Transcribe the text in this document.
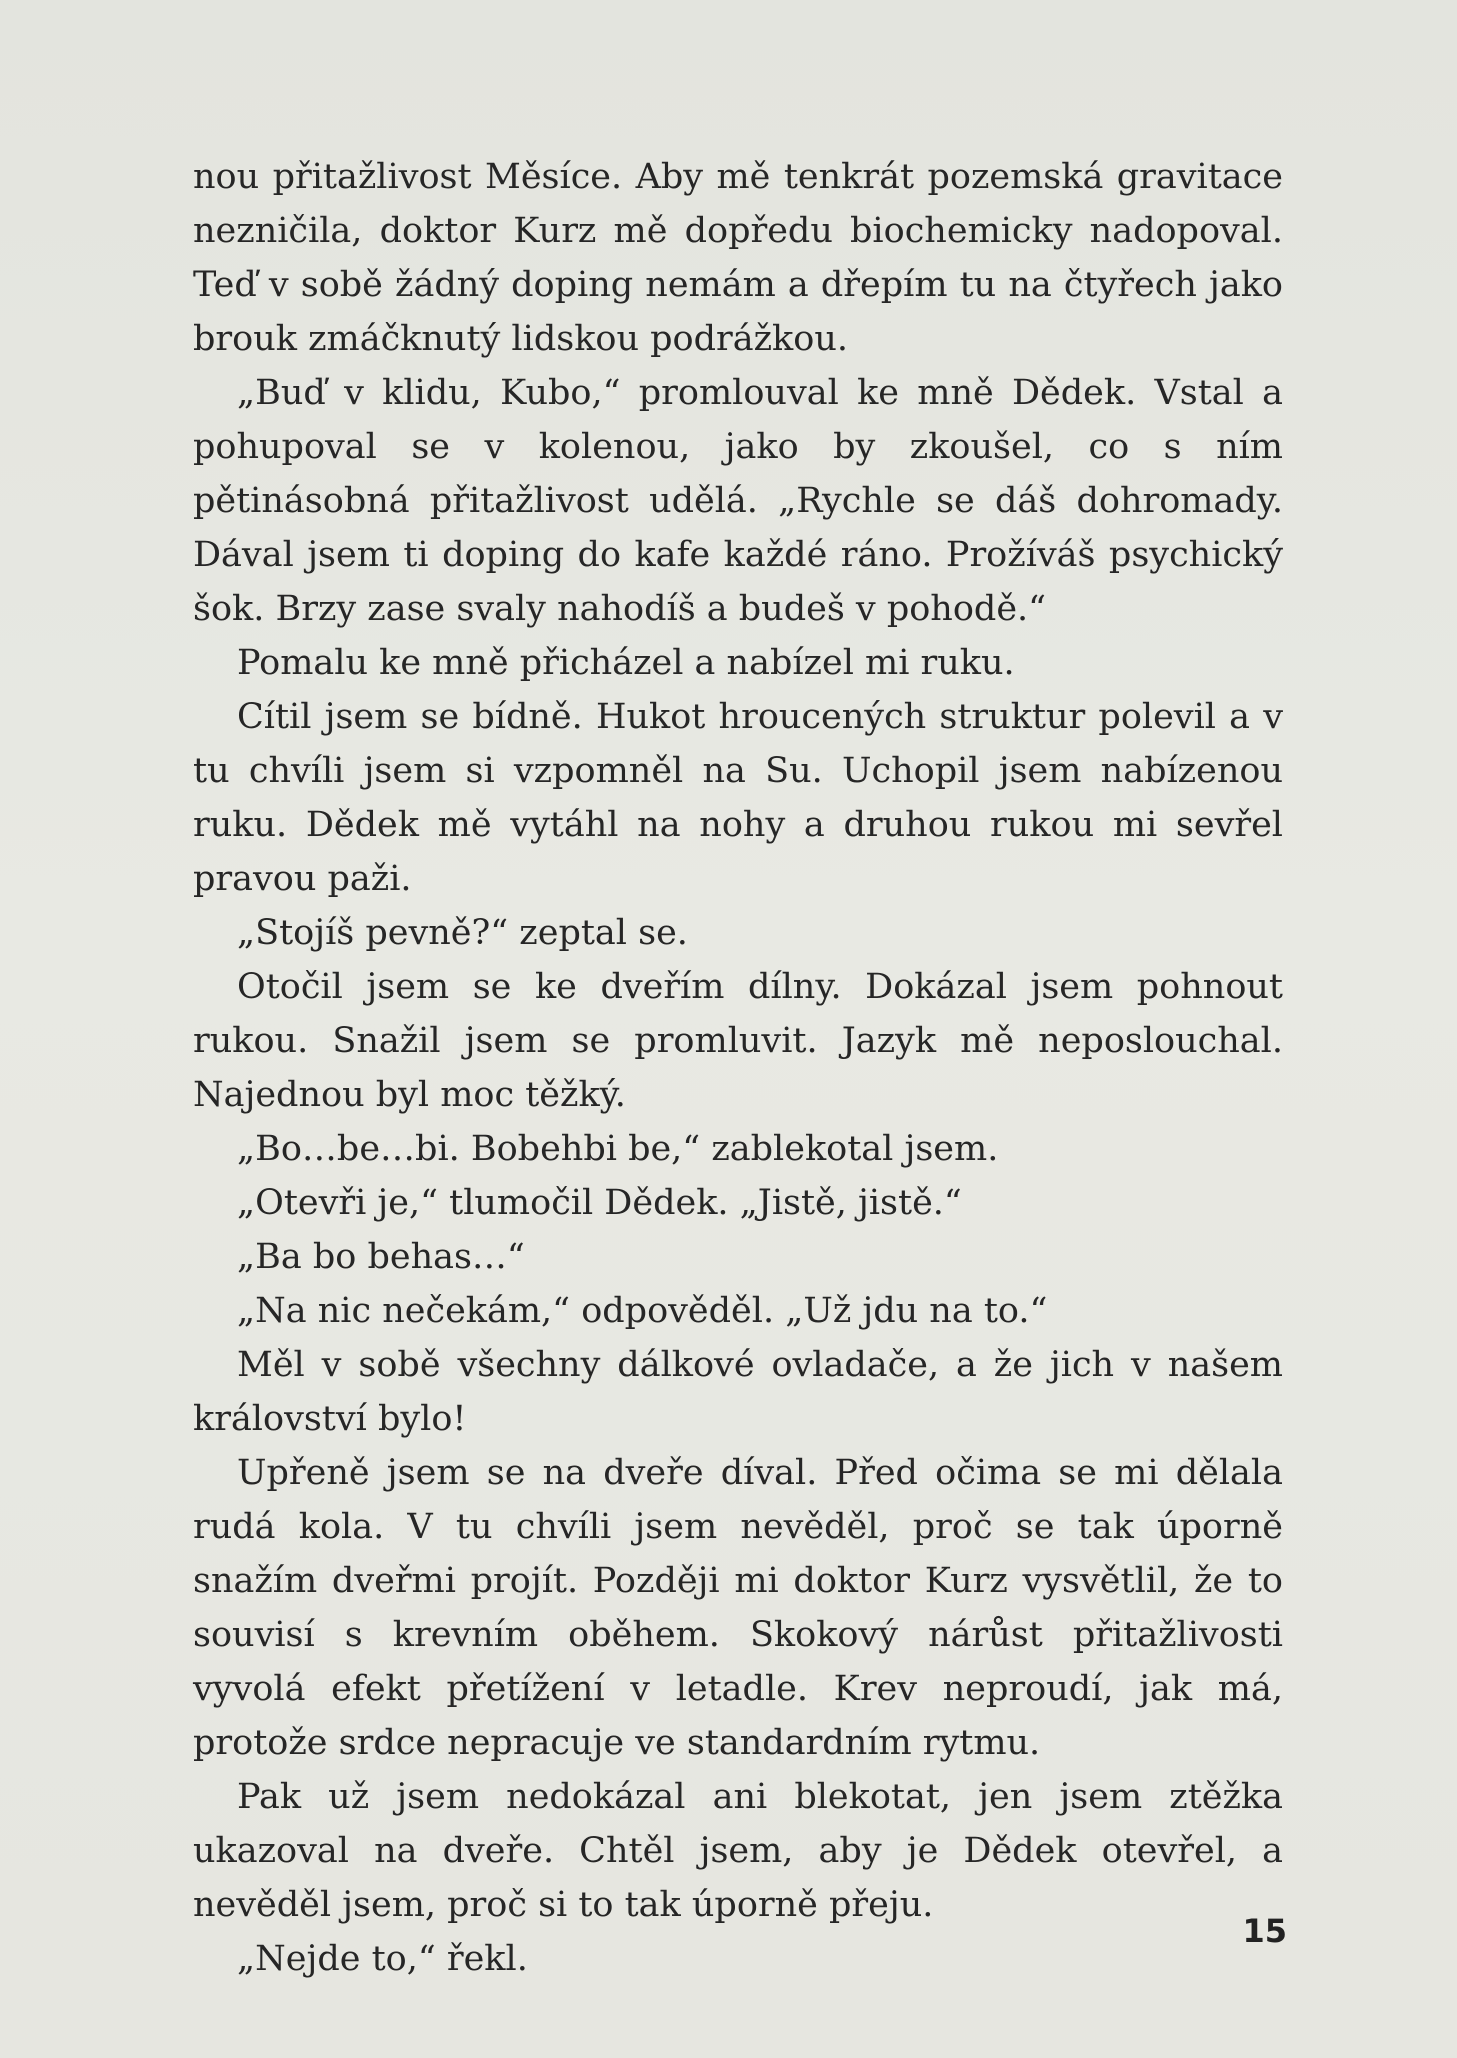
nou přitažlivost Měsíce. Aby mě tenkrát pozemská gravitace nezničila, doktor Kurz mě dopředu biochemicky nadopoval. Teď v sobě žádný doping nemám a dřepím tu na čtyřech jako brouk zmáčknutý lidskou podrážkou.

„Buď v klidu, Kubo,“ promlouval ke mně Dědek. Vstal a pohupoval se v kolenou, jako by zkoušel, co s ním pětinásobná přitažlivost udělá. „Rychle se dáš dohromady. Dával jsem ti doping do kafe každé ráno. Prožíváš psychický šok. Brzy zase svaly nahodíš a budeš v pohodě.“

Pomalu ke mně přicházel a nabízel mi ruku.

Cítil jsem se bídně. Hukot hroucených struktur polevil a v tu chvíli jsem si vzpomněl na Su. Uchopil jsem nabízenou ruku. Dědek mě vytáhl na nohy a druhou rukou mi sevřel pravou paži.

„Stojíš pevně?“ zeptal se.

Otočil jsem se ke dveřím dílny. Dokázal jsem pohnout rukou. Snažil jsem se promluvit. Jazyk mě neposlouchal. Najednou byl moc těžký.

„Bo…be…bi. Bobehbi be,“ zablekotal jsem.

„Otevři je,“ tlumočil Dědek. „Jistě, jistě.“

„Ba bo behas…“

„Na nic nečekám,“ odpověděl. „Už jdu na to.“

Měl v sobě všechny dálkové ovladače, a že jich v našem království bylo!

Upřeně jsem se na dveře díval. Před očima se mi dělala rudá kola. V tu chvíli jsem nevěděl, proč se tak úporně snažím dveřmi projít. Později mi doktor Kurz vysvětlil, že to souvisí s krevním oběhem. Skokový nárůst přitažlivosti vyvolá efekt přetížení v letadle. Krev neproudí, jak má, protože srdce nepracuje ve standardním rytmu.

Pak už jsem nedokázal ani blekotat, jen jsem ztěžka ukazoval na dveře. Chtěl jsem, aby je Dědek otevřel, a nevěděl jsem, proč si to tak úporně přeju.

„Nejde to,“ řekl.

15
